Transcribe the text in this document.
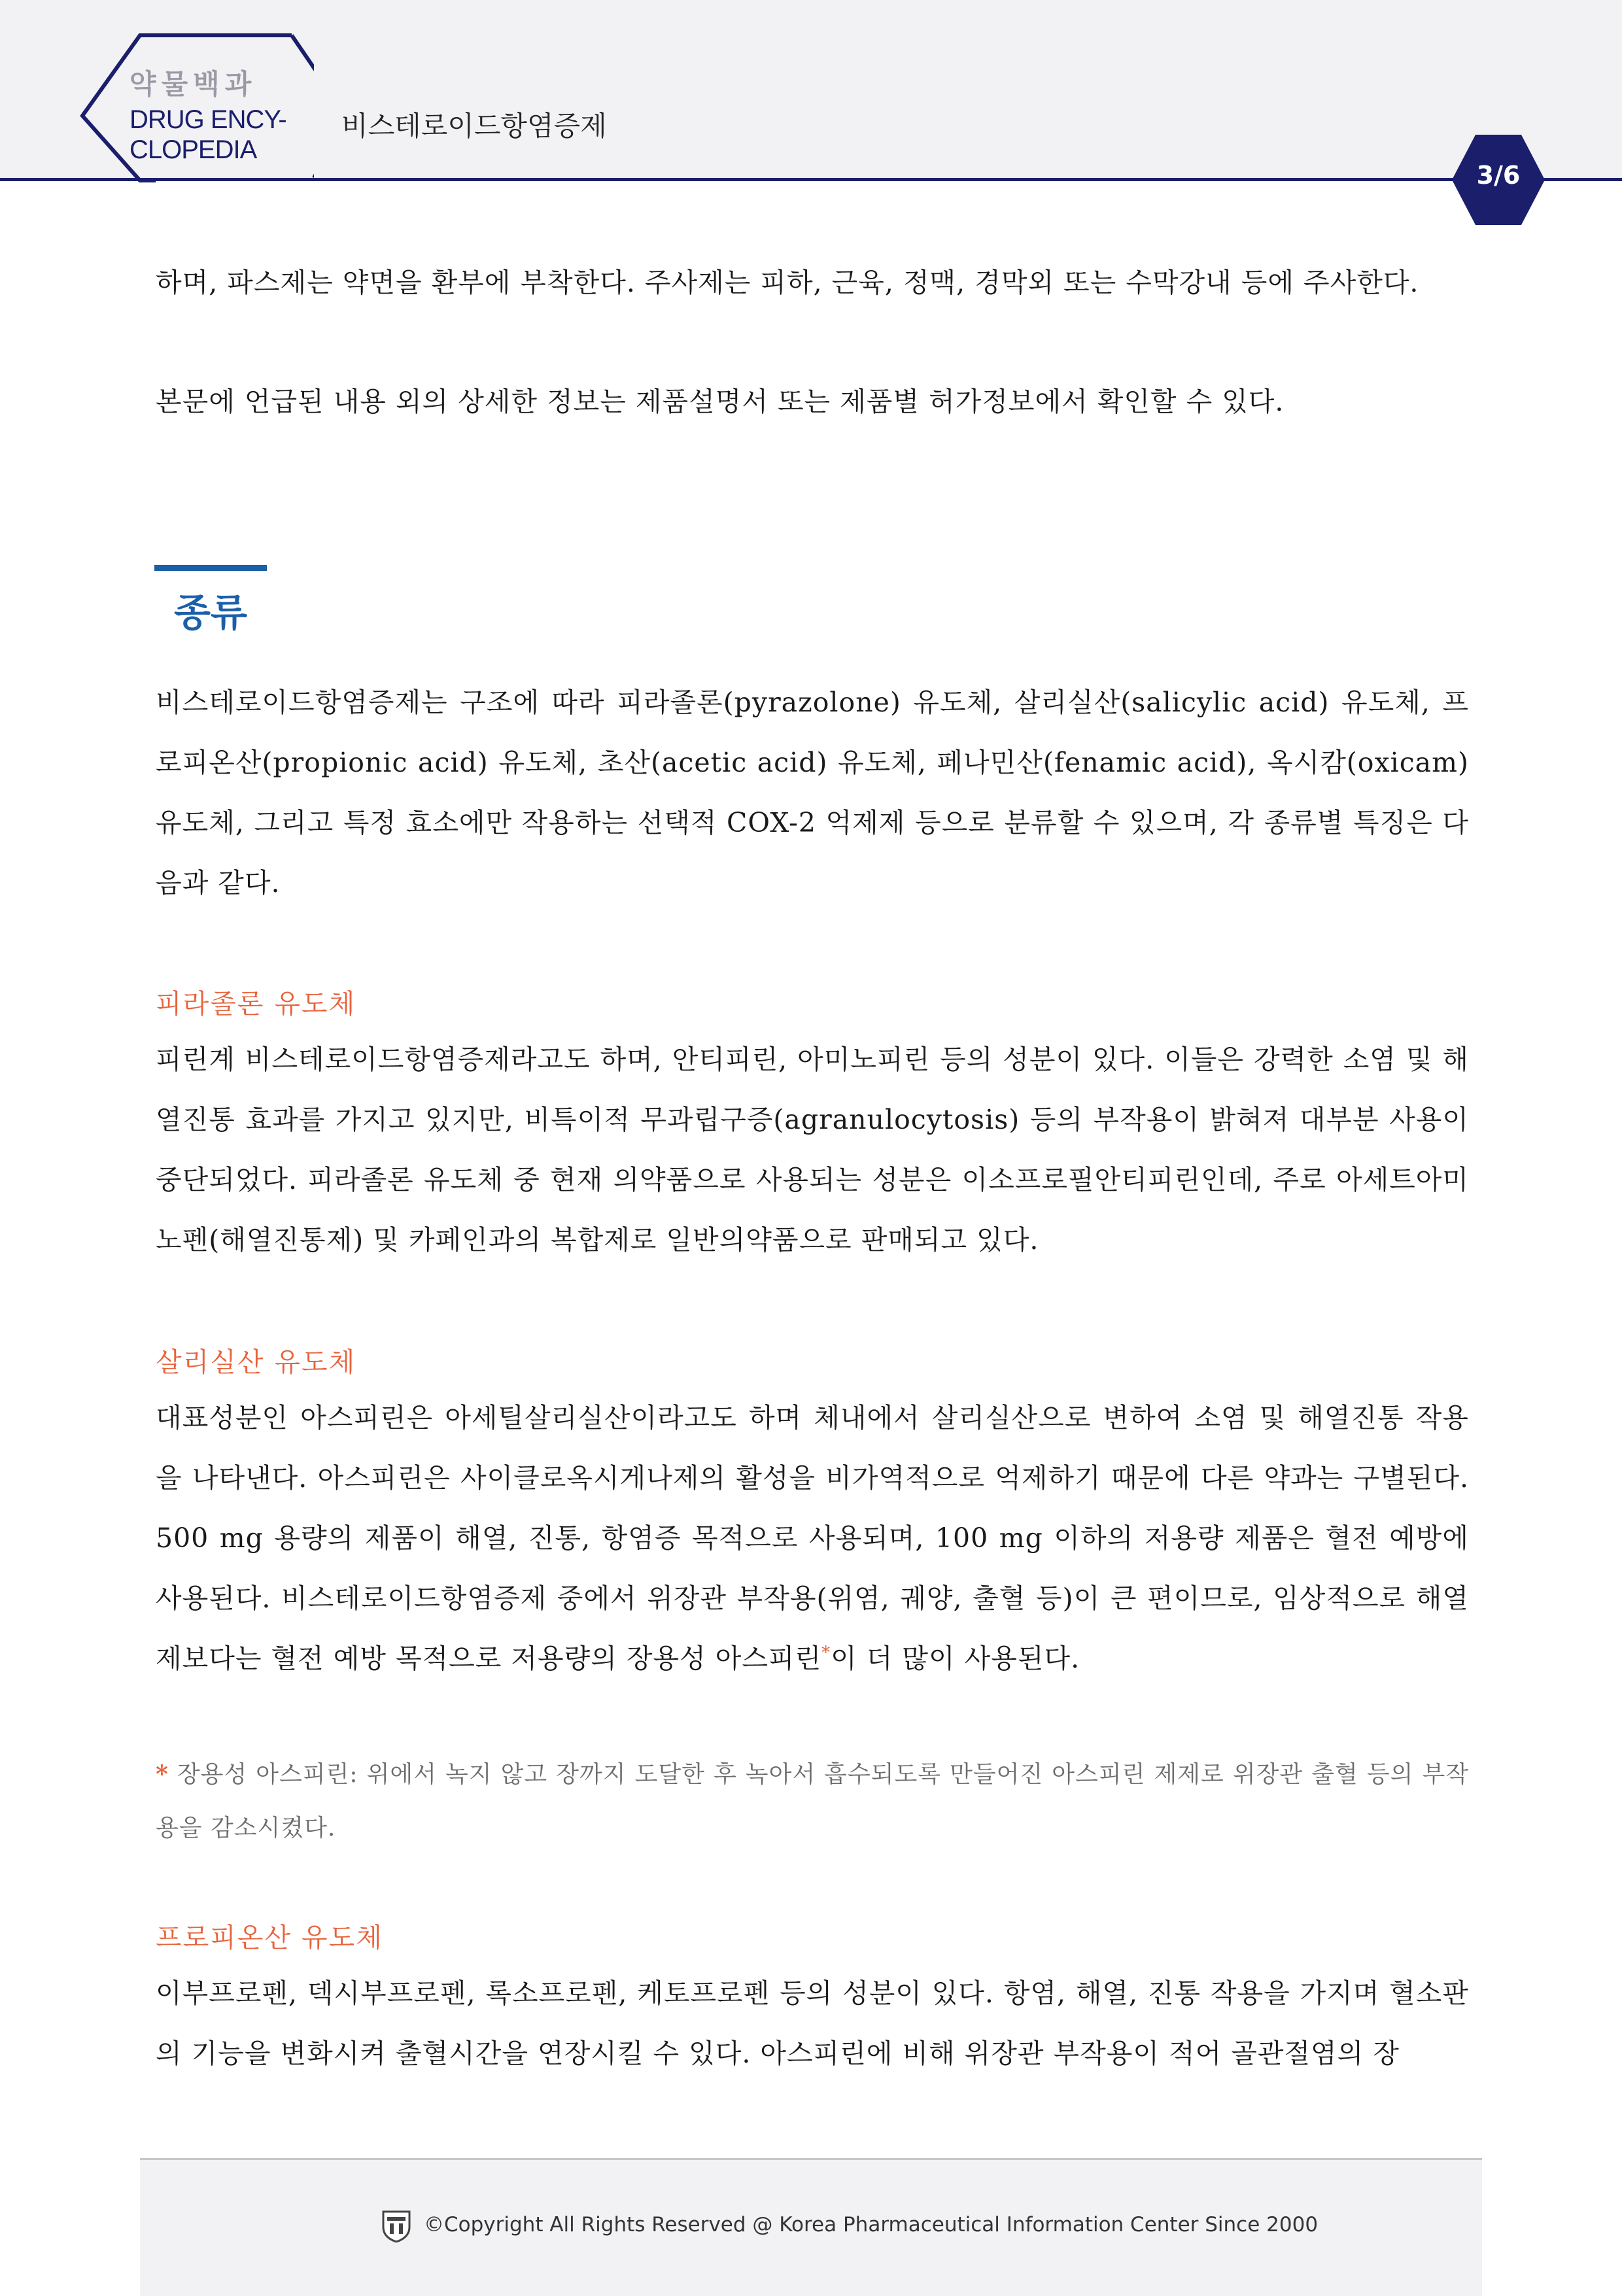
약물백과
DRUG ENCY-
CLOPEDIA
비스테로이드항염증제
3/6

하며, 파스제는 약면을 환부에 부착한다. 주사제는 피하, 근육, 정맥, 경막외 또는 수막강내 등에 주사한다.

본문에 언급된 내용 외의 상세한 정보는 제품설명서 또는 제품별 허가정보에서 확인할 수 있다.

종류

비스테로이드항염증제는 구조에 따라 피라졸론(pyrazolone) 유도체, 살리실산(salicylic acid) 유도체, 프로피온산(propionic acid) 유도체, 초산(acetic acid) 유도체, 페나민산(fenamic acid), 옥시캄(oxicam) 유도체, 그리고 특정 효소에만 작용하는 선택적 COX-2 억제제 등으로 분류할 수 있으며, 각 종류별 특징은 다음과 같다.

피라졸론 유도체

피린계 비스테로이드항염증제라고도 하며, 안티피린, 아미노피린 등의 성분이 있다. 이들은 강력한 소염 및 해열진통 효과를 가지고 있지만, 비특이적 무과립구증(agranulocytosis) 등의 부작용이 밝혀져 대부분 사용이 중단되었다. 피라졸론 유도체 중 현재 의약품으로 사용되는 성분은 이소프로필안티피린인데, 주로 아세트아미노펜(해열진통제) 및 카페인과의 복합제로 일반의약품으로 판매되고 있다.

살리실산 유도체

대표성분인 아스피린은 아세틸살리실산이라고도 하며 체내에서 살리실산으로 변하여 소염 및 해열진통 작용을 나타낸다. 아스피린은 사이클로옥시게나제의 활성을 비가역적으로 억제하기 때문에 다른 약과는 구별된다. 500 mg 용량의 제품이 해열, 진통, 항염증 목적으로 사용되며, 100 mg 이하의 저용량 제품은 혈전 예방에 사용된다. 비스테로이드항염증제 중에서 위장관 부작용(위염, 궤양, 출혈 등)이 큰 편이므로, 임상적으로 해열제보다는 혈전 예방 목적으로 저용량의 장용성 아스피린*이 더 많이 사용된다.

* 장용성 아스피린: 위에서 녹지 않고 장까지 도달한 후 녹아서 흡수되도록 만들어진 아스피린 제제로 위장관 출혈 등의 부작용을 감소시켰다.

프로피온산 유도체

이부프로펜, 덱시부프로펜, 록소프로펜, 케토프로펜 등의 성분이 있다. 항염, 해열, 진통 작용을 가지며 혈소판의 기능을 변화시켜 출혈시간을 연장시킬 수 있다. 아스피린에 비해 위장관 부작용이 적어 골관절염의 장

©Copyright All Rights Reserved @ Korea Pharmaceutical Information Center Since 2000
